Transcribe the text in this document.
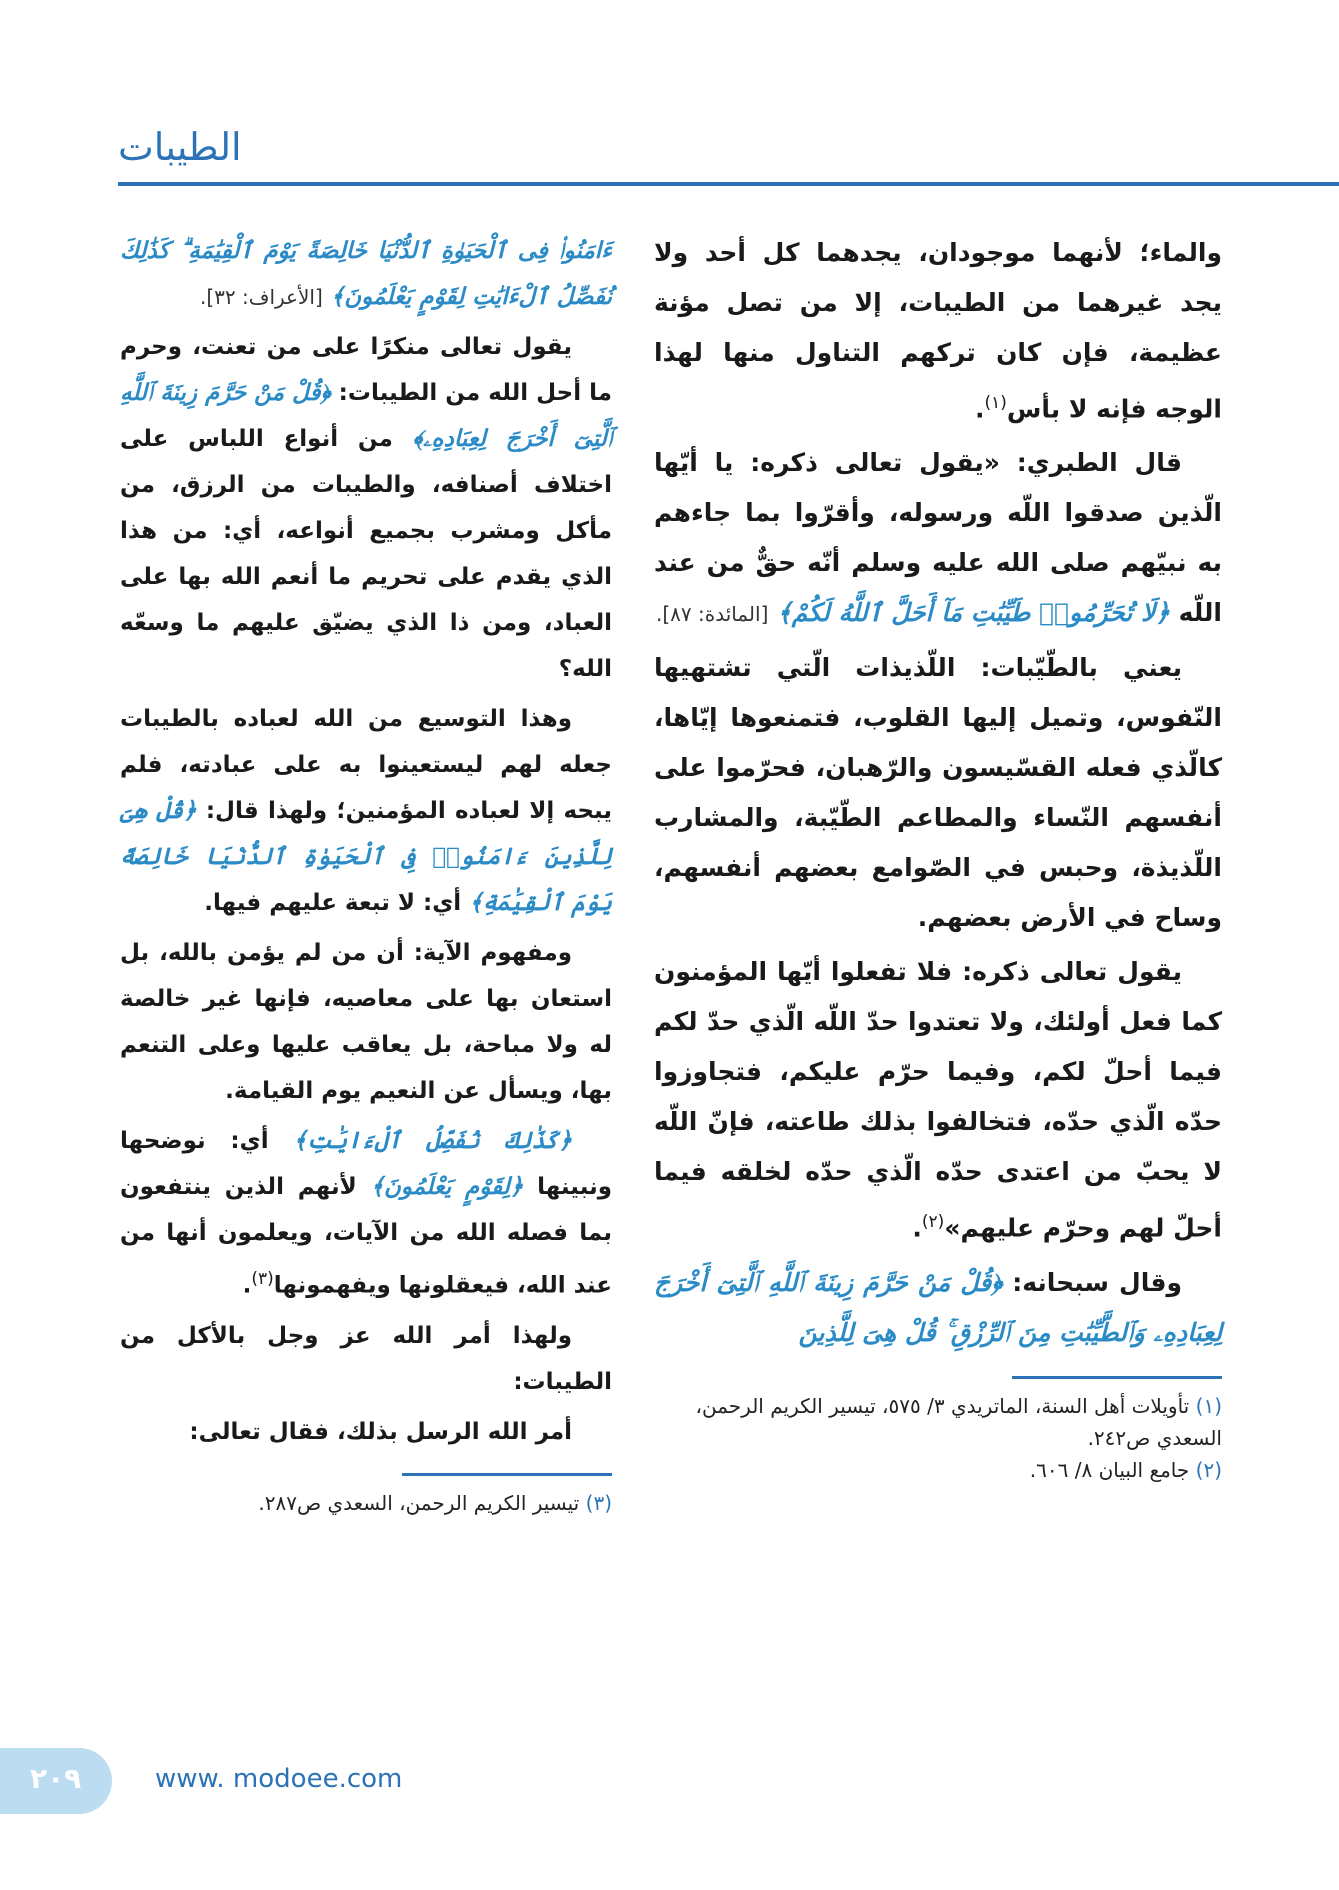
الطيبات

والماء؛ لأنهما موجودان، يجدهما كل أحد ولا يجد غيرهما من الطيبات، إلا من تصل مؤنة عظيمة، فإن كان تركهم التناول منها لهذا الوجه فإنه لا بأس$^{(١)}$.

قال الطبري: «يقول تعالى ذكره: يا أيّها الّذين صدقوا اللّه ورسوله، وأقرّوا بما جاءهم به نبيّهم صلى الله عليه وسلم أنّه حقٌّ من عند اللّه ﴿لَا تُحَرِّمُوا۟ طَيِّبَٰتِ مَآ أَحَلَّ ٱللَّهُ لَكُمْ﴾ [المائدة: ٨٧].

يعني بالطّيّبات: اللّذيذات الّتي تشتهيها النّفوس، وتميل إليها القلوب، فتمنعوها إيّاها، كالّذي فعله القسّيسون والرّهبان، فحرّموا على أنفسهم النّساء والمطاعم الطّيّبة، والمشارب اللّذيذة، وحبس في الصّوامع بعضهم أنفسهم، وساح في الأرض بعضهم.

يقول تعالى ذكره: فلا تفعلوا أيّها المؤمنون كما فعل أولئك، ولا تعتدوا حدّ اللّه الّذي حدّ لكم فيما أحلّ لكم، وفيما حرّم عليكم، فتجاوزوا حدّه الّذي حدّه، فتخالفوا بذلك طاعته، فإنّ اللّه لا يحبّ من اعتدى حدّه الّذي حدّه لخلقه فيما أحلّ لهم وحرّم عليهم»$^{(٢)}$.

وقال سبحانه: ﴿قُلْ مَنْ حَرَّمَ زِينَةَ ٱللَّهِ ٱلَّتِىٓ أَخْرَجَ لِعِبَادِهِۦ وَٱلطَّيِّبَٰتِ مِنَ ٱلرِّزْقِ ۚ قُلْ هِىَ لِلَّذِينَ

ءَامَنُوا۟ فِى ٱلْحَيَوٰةِ ٱلدُّنْيَا خَالِصَةً يَوْمَ ٱلْقِيَٰمَةِ ۗ كَذَٰلِكَ نُفَصِّلُ ٱلْءَايَٰتِ لِقَوْمٍ يَعْلَمُونَ﴾ [الأعراف: ٣٢].

يقول تعالى منكرًا على من تعنت، وحرم ما أحل الله من الطيبات: ﴿قُلْ مَنْ حَرَّمَ زِينَةَ ٱللَّهِ ٱلَّتِىٓ أَخْرَجَ لِعِبَادِهِۦ﴾ من أنواع اللباس على اختلاف أصنافه، والطيبات من الرزق، من مأكل ومشرب بجميع أنواعه، أي: من هذا الذي يقدم على تحريم ما أنعم الله بها على العباد، ومن ذا الذي يضيّق عليهم ما وسعّه الله؟

وهذا التوسيع من الله لعباده بالطيبات جعله لهم ليستعينوا به على عبادته، فلم يبحه إلا لعباده المؤمنين؛ ولهذا قال: ﴿قُلْ هِىَ لِلَّذِينَ ءَامَنُوا۟ فِى ٱلْحَيَوٰةِ ٱلدُّنْيَا خَالِصَةً يَوْمَ ٱلْقِيَٰمَةِ﴾ أي: لا تبعة عليهم فيها.

ومفهوم الآية: أن من لم يؤمن بالله، بل استعان بها على معاصيه، فإنها غير خالصة له ولا مباحة، بل يعاقب عليها وعلى التنعم بها، ويسأل عن النعيم يوم القيامة.

﴿كَذَٰلِكَ نُفَصِّلُ ٱلْءَايَٰتِ﴾ أي: نوضحها ونبينها ﴿لِقَوْمٍ يَعْلَمُونَ﴾ لأنهم الذين ينتفعون بما فصله الله من الآيات، ويعلمون أنها من عند الله، فيعقلونها ويفهمونها$^{(٣)}$.

ولهذا أمر الله عز وجل بالأكل من الطيبات:

أمر الله الرسل بذلك، فقال تعالى:

٢٠٩	www. modoee.com
(١) تأويلات أهل السنة، الماتريدي ٣/ ٥٧٥، تيسير الكريم الرحمن، السعدي ص٢٤٢.
(٢) جامع البيان ٨/ ٦٠٦.
(٣) تيسير الكريم الرحمن، السعدي ص٢٨٧.
